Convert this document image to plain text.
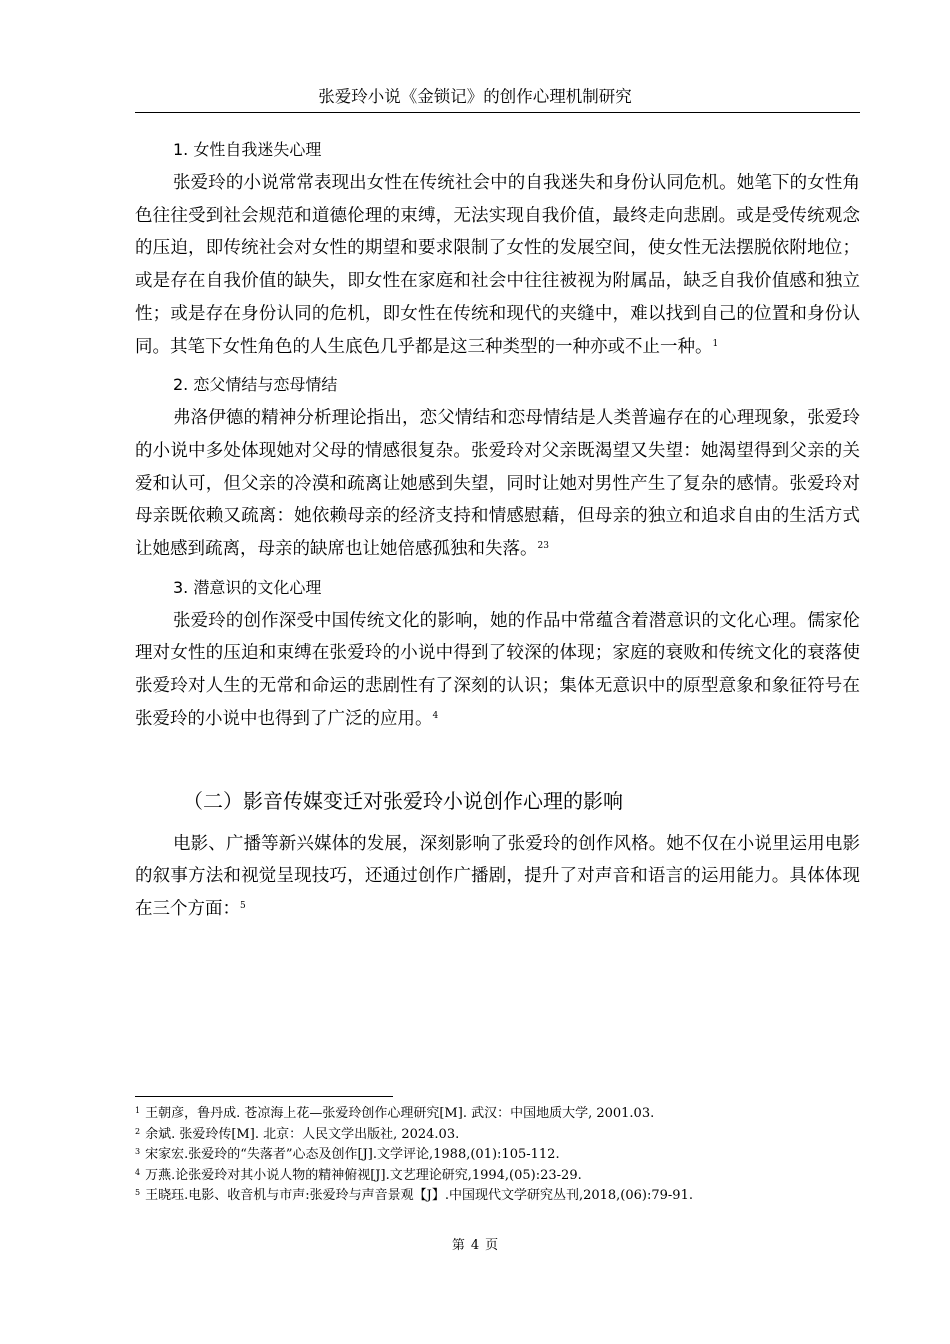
张爱玲小说《金锁记》的创作心理机制研究
1. 女性自我迷失心理

张爱玲的小说常常表现出女性在传统社会中的自我迷失和身份认同危机。她笔下的女性角色往往受到社会规范和道德伦理的束缚，无法实现自我价值，最终走向悲剧。或是受传统观念的压迫，即传统社会对女性的期望和要求限制了女性的发展空间，使女性无法摆脱依附地位；或是存在自我价值的缺失，即女性在家庭和社会中往往被视为附属品，缺乏自我价值感和独立性；或是存在身份认同的危机，即女性在传统和现代的夹缝中，难以找到自己的位置和身份认同。其笔下女性角色的人生底色几乎都是这三种类型的一种亦或不止一种。$^1$

2. 恋父情结与恋母情结

弗洛伊德的精神分析理论指出，恋父情结和恋母情结是人类普遍存在的心理现象，张爱玲的小说中多处体现她对父母的情感很复杂。张爱玲对父亲既渴望又失望：她渴望得到父亲的关爱和认可，但父亲的冷漠和疏离让她感到失望，同时让她对男性产生了复杂的感情。张爱玲对母亲既依赖又疏离：她依赖母亲的经济支持和情感慰藉，但母亲的独立和追求自由的生活方式让她感到疏离，母亲的缺席也让她倍感孤独和失落。$^{23}$

3. 潜意识的文化心理

张爱玲的创作深受中国传统文化的影响，她的作品中常蕴含着潜意识的文化心理。儒家伦理对女性的压迫和束缚在张爱玲的小说中得到了较深的体现；家庭的衰败和传统文化的衰落使张爱玲对人生的无常和命运的悲剧性有了深刻的认识；集体无意识中的原型意象和象征符号在张爱玲的小说中也得到了广泛的应用。$^4$

（二）影音传媒变迁对张爱玲小说创作心理的影响

电影、广播等新兴媒体的发展，深刻影响了张爱玲的创作风格。她不仅在小说里运用电影的叙事方法和视觉呈现技巧，还通过创作广播剧，提升了对声音和语言的运用能力。具体体现在三个方面：$^5$

$^1$ 王朝彦，鲁丹成. 苍凉海上花—张爱玲创作心理研究[M]. 武汉：中国地质大学, 2001.03.

$^2$ 余斌. 张爱玲传[M]. 北京：人民文学出版社, 2024.03.

$^3$ 宋家宏.张爱玲的“失落者”心态及创作[J].文学评论,1988,(01):105-112.

$^4$ 万燕.论张爱玲对其小说人物的精神俯视[J].文艺理论研究,1994,(05):23-29.

$^5$ 王晓珏.电影、收音机与市声:张爱玲与声音景观【J】.中国现代文学研究丛刊,2018,(06):79-91.

第 4 页
